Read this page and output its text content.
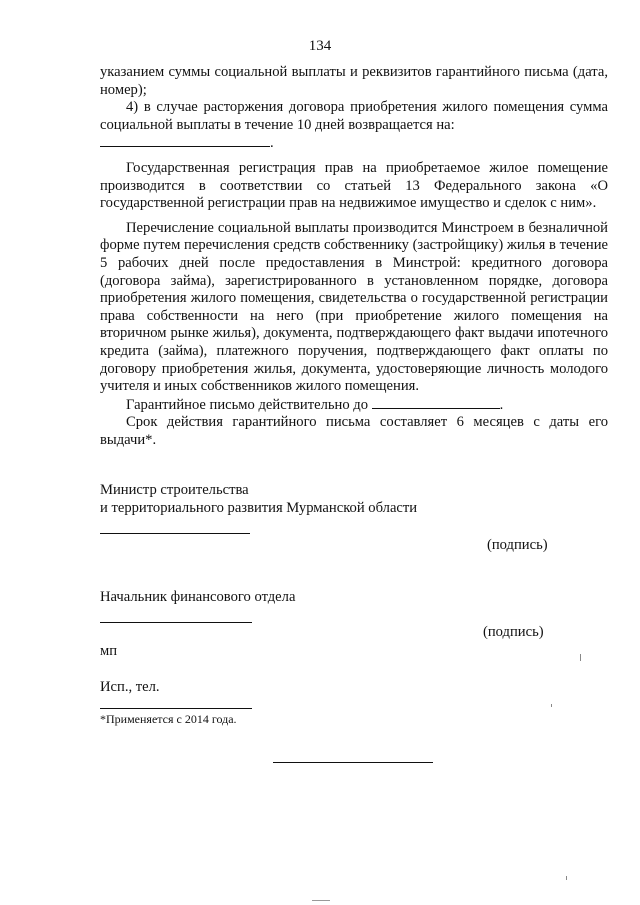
134

указанием суммы социальной выплаты и реквизитов гарантийного письма (дата, номер);

4) в случае расторжения договора приобретения жилого помещения сумма социальной выплаты в течение 10 дней возвращается на:

.

Государственная регистрация прав на приобретаемое жилое помещение производится в соответствии со статьей 13 Федерального закона «О государственной регистрации прав на недвижимое имущество и сделок с ним».

Перечисление социальной выплаты производится Минстроем в безналичной форме путем перечисления средств собственнику (застройщику) жилья в течение 5 рабочих дней после предоставления в Минстрой: кредитного договора (договора займа), зарегистрированного в установленном порядке, договора приобретения жилого помещения, свидетельства о государственной регистрации права собственности на него (при приобретение жилого помещения на вторичном рынке жилья), документа, подтверждающего факт выдачи ипотечного кредита (займа), платежного поручения, подтверждающего факт оплаты по договору приобретения жилья, документа, удостоверяющие личность молодого учителя и иных собственников жилого помещения.

Гарантийное письмо действительно до	.

Срок действия гарантийного письма составляет 6 месяцев с даты его выдачи*.

Министр строительства
и территориального развития Мурманской области
(подпись)
Начальник финансового отдела
(подпись)
мп
Исп., тел.
*Применяется с 2014 года.
